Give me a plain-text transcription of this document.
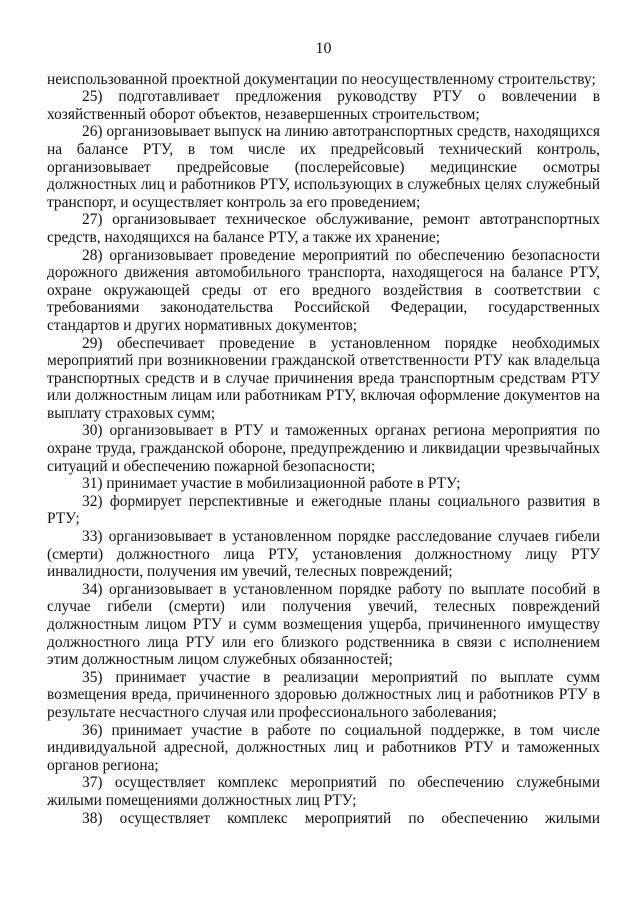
10

неиспользованной проектной документации по неосуществленному строительству;

25) подготавливает предложения руководству РТУ о вовлечении в хозяйственный оборот объектов, незавершенных строительством;

26) организовывает выпуск на линию автотранспортных средств, находящихся на балансе РТУ, в том числе их предрейсовый технический контроль, организовывает предрейсовые (послерейсовые) медицинские осмотры должностных лиц и работников РТУ, использующих в служебных целях служебный транспорт, и осуществляет контроль за его проведением;

27) организовывает техническое обслуживание, ремонт автотранспортных средств, находящихся на балансе РТУ, а также их хранение;

28) организовывает проведение мероприятий по обеспечению безопасности дорожного движения автомобильного транспорта, находящегося на балансе РТУ, охране окружающей среды от его вредного воздействия в соответствии с требованиями законодательства Российской Федерации, государственных стандартов и других нормативных документов;

29) обеспечивает проведение в установленном порядке необходимых мероприятий при возникновении гражданской ответственности РТУ как владельца транспортных средств и в случае причинения вреда транспортным средствам РТУ или должностным лицам или работникам РТУ, включая оформление документов на выплату страховых сумм;

30) организовывает в РТУ и таможенных органах региона мероприятия по охране труда, гражданской обороне, предупреждению и ликвидации чрезвычайных ситуаций и обеспечению пожарной безопасности;

31) принимает участие в мобилизационной работе в РТУ;

32) формирует перспективные и ежегодные планы социального развития в РТУ;

33) организовывает в установленном порядке расследование случаев гибели (смерти) должностного лица РТУ, установления должностному лицу РТУ инвалидности, получения им увечий, телесных повреждений;

34) организовывает в установленном порядке работу по выплате пособий в случае гибели (смерти) или получения увечий, телесных повреждений должностным лицом РТУ и сумм возмещения ущерба, причиненного имуществу должностного лица РТУ или его близкого родственника в связи с исполнением этим должностным лицом служебных обязанностей;

35) принимает участие в реализации мероприятий по выплате сумм возмещения вреда, причиненного здоровью должностных лиц и работников РТУ в результате несчастного случая или профессионального заболевания;

36) принимает участие в работе по социальной поддержке, в том числе индивидуальной адресной, должностных лиц и работников РТУ и таможенных органов региона;

37) осуществляет комплекс мероприятий по обеспечению служебными жилыми помещениями должностных лиц РТУ;

38) осуществляет комплекс мероприятий по обеспечению жилыми
